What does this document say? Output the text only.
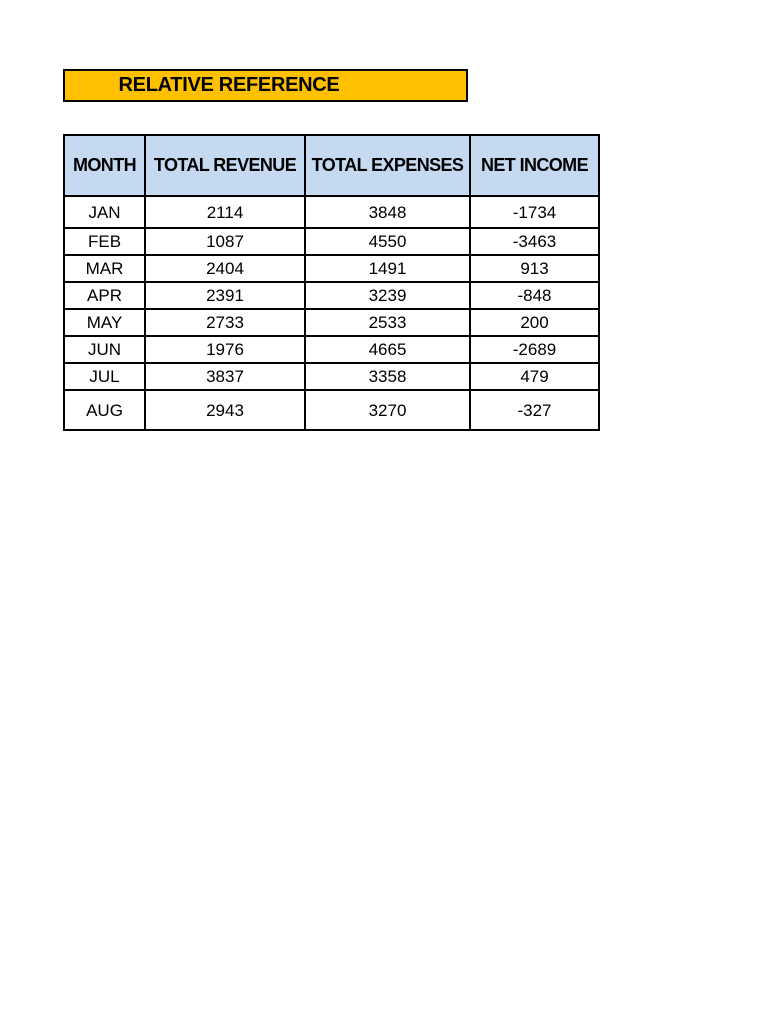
RELATIVE REFERENCE
MONTH	TOTAL REVENUE	TOTAL EXPENSES	NET INCOME
JAN	2114	3848	-1734
FEB	1087	4550	-3463
MAR	2404	1491	913
APR	2391	3239	-848
MAY	2733	2533	200
JUN	1976	4665	-2689
JUL	3837	3358	479
AUG	2943	3270	-327
